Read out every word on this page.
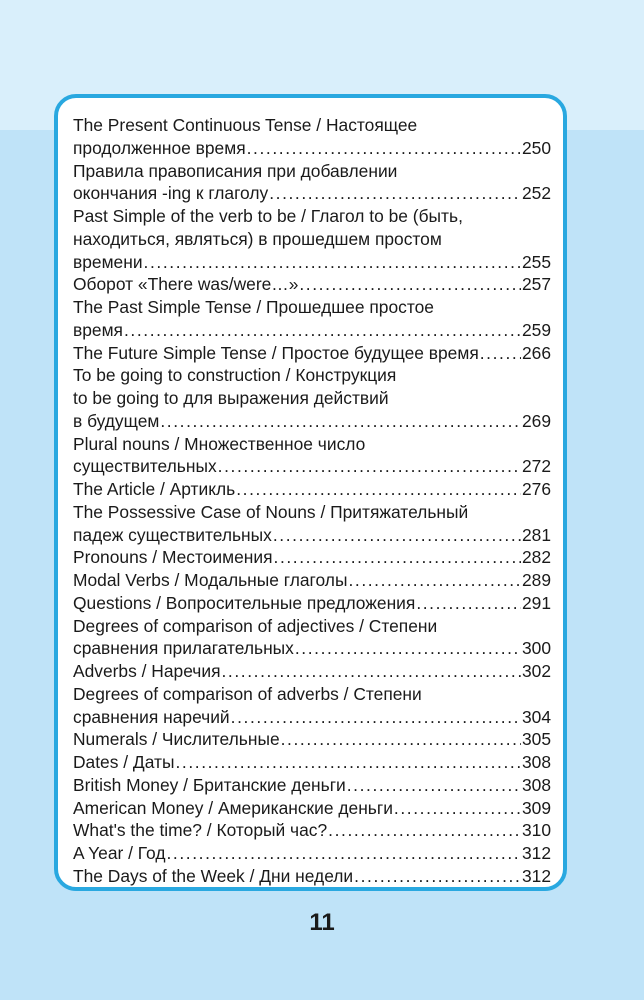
The Present Continuous Tense / Настоящее
продолженное время .....	250
Правила правописания при добавлении
окончания -ing к глаголу .....	252
Past Simple of the verb to be / Глагол to be (быть,
находиться, являться) в прошедшем простом
времени .....	255
Оборот «There was/were…» .....	257
The Past Simple Tense / Прошедшее простое
время .....	259
The Future Simple Tense / Простое будущее время ..... 266
To be going to construction / Конструкция
to be going to для выражения действий
в будущем .....	269
Plural nouns / Множественное число
существительных .....	272
The Article / Артикль .....	276
The Possessive Case of Nouns / Притяжательный
падеж существительных .....	281
Pronouns / Местоимения .....	282
Modal Verbs / Модальные глаголы .....	289
Questions / Вопросительные предложения .....	291
Degrees of comparison of adjectives / Степени
сравнения прилагательных .....	300
Adverbs / Наречия .....	302
Degrees of comparison of adverbs / Степени
сравнения наречий .....	304
Numerals / Числительные .....	305
Dates / Даты .....	308
British Money / Британские деньги .....	308
American Money / Американские деньги .....	309
What's the time? / Который час? .....	310
A Year / Год .....	312
The Days of the Week / Дни недели .....	312
11
